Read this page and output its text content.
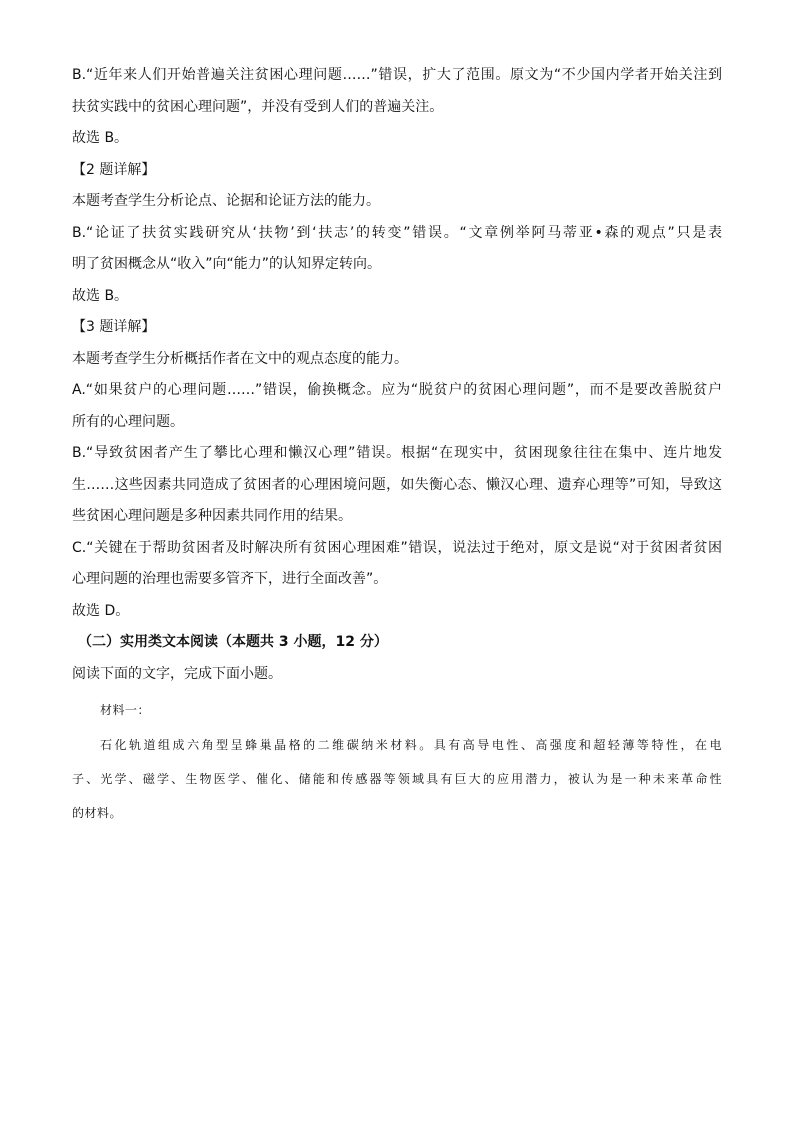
B.“近年来人们开始普遍关注贫困心理问题……”错误，扩大了范围。原文为“不少国内学者开始关注到
扶贫实践中的贫困心理问题”，并没有受到人们的普遍关注。
故选 B。
【2 题详解】
本题考查学生分析论点、论据和论证方法的能力。
B.“论证了扶贫实践研究从‘扶物’到‘扶志’的转变”错误。“文章例举阿马蒂亚•森的观点”只是表
明了贫困概念从“收入”向“能力”的认知界定转向。
故选 B。
【3 题详解】
本题考查学生分析概括作者在文中的观点态度的能力。
A.“如果贫户的心理问题……”错误，偷换概念。应为“脱贫户的贫困心理问题”，而不是要改善脱贫户
所有的心理问题。
B.“导致贫困者产生了攀比心理和懒汉心理”错误。根据“在现实中，贫困现象往往在集中、连片地发
生……这些因素共同造成了贫困者的心理困境问题，如失衡心态、懒汉心理、遗弃心理等”可知，导致这
些贫困心理问题是多种因素共同作用的结果。
C.“关键在于帮助贫困者及时解决所有贫困心理困难”错误，说法过于绝对，原文是说“对于贫困者贫困
心理问题的治理也需要多管齐下，进行全面改善”。
故选 D。
（二）实用类文本阅读（本题共 3 小题，12 分）
阅读下面的文字，完成下面小题。
材料一：
石化轨道组成六角型呈蜂巢晶格的二维碳纳米材料。具有高导电性、高强度和超轻薄等特性，在电
子、光学、磁学、生物医学、催化、储能和传感器等领域具有巨大的应用潜力，被认为是一种未来革命性
的材料。
